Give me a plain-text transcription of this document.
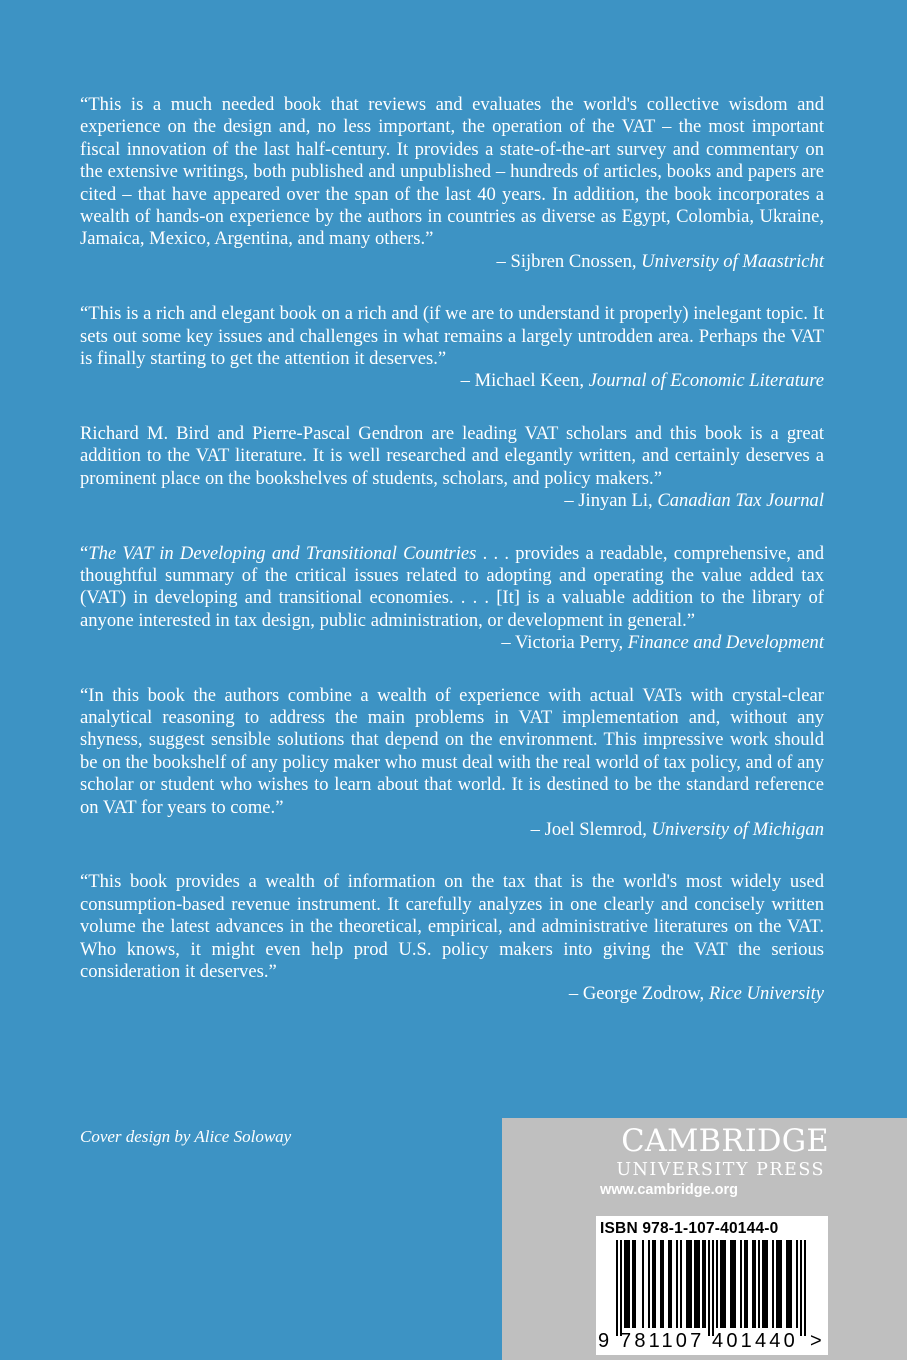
“This is a much needed book that reviews and evaluates the world's collective wisdom and experience on the design and, no less important, the operation of the VAT – the most important fiscal innovation of the last half-century. It provides a state-of-the-art survey and commentary on the extensive writings, both published and unpublished – hundreds of articles, books and papers are cited – that have appeared over the span of the last 40 years. In addition, the book incorporates a wealth of hands-on experience by the authors in countries as diverse as Egypt, Colombia, Ukraine, Jamaica, Mexico, Argentina, and many others.”

– Sijbren Cnossen, University of Maastricht

“This is a rich and elegant book on a rich and (if we are to understand it properly) inelegant topic. It sets out some key issues and challenges in what remains a largely untrodden area. Perhaps the VAT is finally starting to get the attention it deserves.”

– Michael Keen, Journal of Economic Literature

Richard M. Bird and Pierre-Pascal Gendron are leading VAT scholars and this book is a great addition to the VAT literature. It is well researched and elegantly written, and certainly deserves a prominent place on the bookshelves of students, scholars, and policy makers.”

– Jinyan Li, Canadian Tax Journal

“The VAT in Developing and Transitional Countries . . . provides a readable, comprehensive, and thoughtful summary of the critical issues related to adopting and operating the value added tax (VAT) in developing and transitional economies. . . . [It] is a valuable addition to the library of anyone interested in tax design, public administration, or development in general.”

– Victoria Perry, Finance and Development

“In this book the authors combine a wealth of experience with actual VATs with crystal-clear analytical reasoning to address the main problems in VAT implementation and, without any shyness, suggest sensible solutions that depend on the environment. This impressive work should be on the bookshelf of any policy maker who must deal with the real world of tax policy, and of any scholar or student who wishes to learn about that world. It is destined to be the standard reference on VAT for years to come.”

– Joel Slemrod, University of Michigan

“This book provides a wealth of information on the tax that is the world's most widely used consumption-based revenue instrument. It carefully analyzes in one clearly and concisely written volume the latest advances in the theoretical, empirical, and administrative literatures on the VAT. Who knows, it might even help prod U.S. policy makers into giving the VAT the serious consideration it deserves.”

– George Zodrow, Rice University

Cover design by Alice Soloway	CAMBRIDGE
UNIVERSITY PRESS
www.cambridge.org
ISBN 978-1-107-40144-0
9 781107 401440 >
